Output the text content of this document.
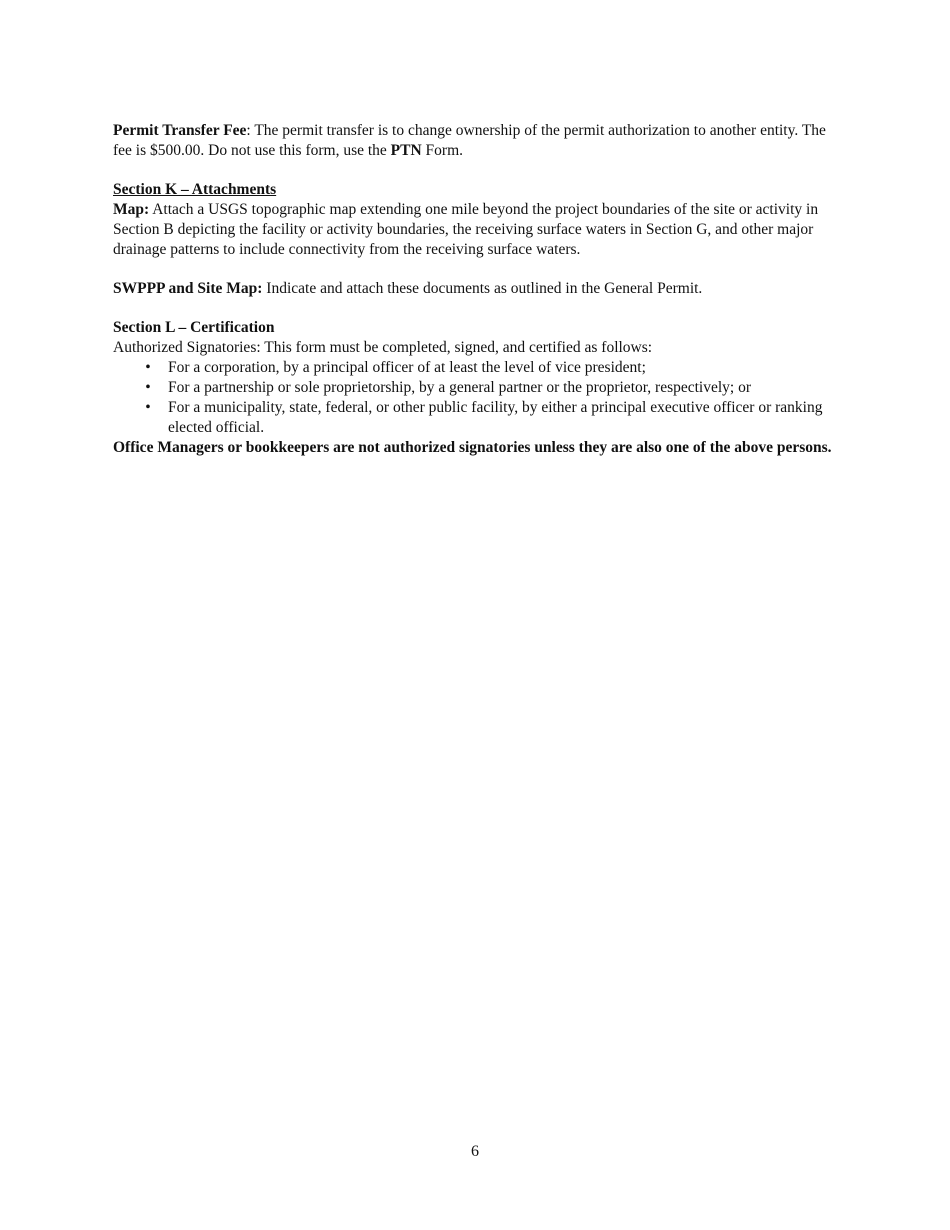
Permit Transfer Fee: The permit transfer is to change ownership of the permit authorization to another entity. The fee is $500.00. Do not use this form, use the PTN Form.

Section K – Attachments

Map: Attach a USGS topographic map extending one mile beyond the project boundaries of the site or activity in Section B depicting the facility or activity boundaries, the receiving surface waters in Section G, and other major drainage patterns to include connectivity from the receiving surface waters.

SWPPP and Site Map: Indicate and attach these documents as outlined in the General Permit.

Section L – Certification

Authorized Signatories: This form must be completed, signed, and certified as follows:

• For a corporation, by a principal officer of at least the level of vice president;
• For a partnership or sole proprietorship, by a general partner or the proprietor, respectively; or
• For a municipality, state, federal, or other public facility, by either a principal executive officer or ranking elected official.

Office Managers or bookkeepers are not authorized signatories unless they are also one of the above persons.

6
